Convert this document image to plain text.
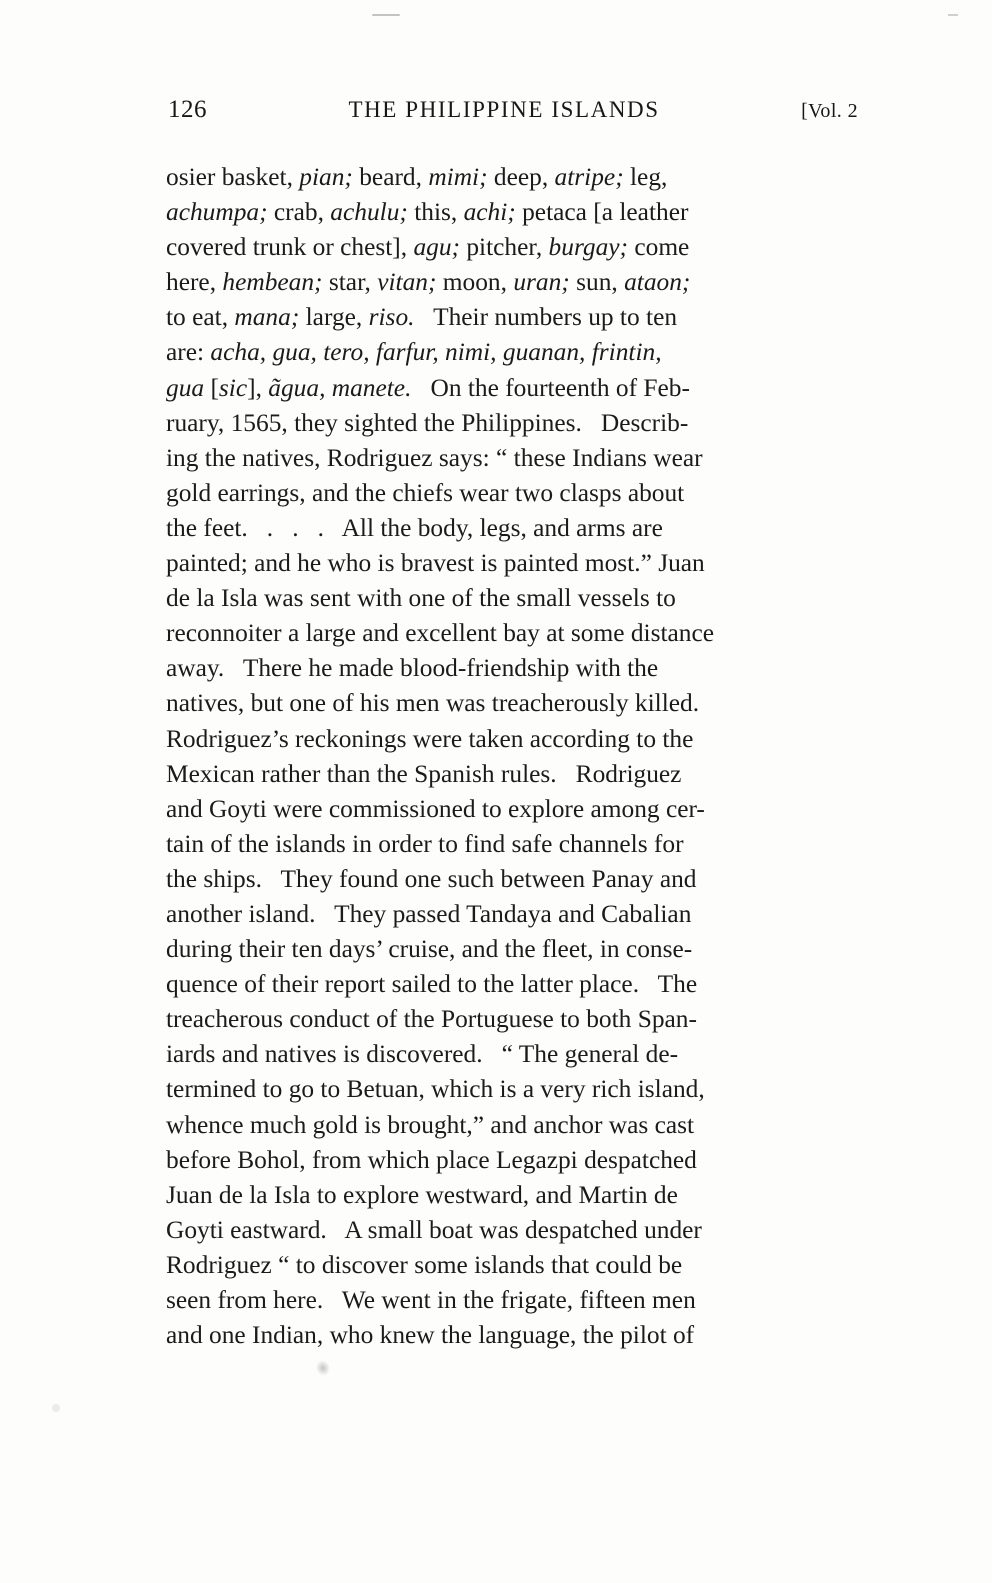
126	THE PHILIPPINE ISLANDS	[Vol. 2
osier basket, pian; beard, mimi; deep, atripe; leg,
achumpa; crab, achulu; this, achi; petaca [a leather
covered trunk or chest], agu; pitcher, burgay; come
here, hembean; star, vitan; moon, uran; sun, ataon;
to eat, mana; large, riso.   Their numbers up to ten
are: acha, gua, tero, farfur, nimi, guanan, frintin,
gua [sic], ãgua, manete.   On the fourteenth of Feb-
ruary, 1565, they sighted the Philippines.   Describ-
ing the natives, Rodriguez says: “ these Indians wear
gold earrings, and the chiefs wear two clasps about
the feet.   .   .   .   All the body, legs, and arms are
painted; and he who is bravest is painted most.” Juan
de la Isla was sent with one of the small vessels to
reconnoiter a large and excellent bay at some distance
away.   There he made blood-friendship with the
natives, but one of his men was treacherously killed.
Rodriguez’s reckonings were taken according to the
Mexican rather than the Spanish rules.   Rodriguez
and Goyti were commissioned to explore among cer-
tain of the islands in order to find safe channels for
the ships.   They found one such between Panay and
another island.   They passed Tandaya and Cabalian
during their ten days’ cruise, and the fleet, in conse-
quence of their report sailed to the latter place.   The
treacherous conduct of the Portuguese to both Span-
iards and natives is discovered.   “ The general de-
termined to go to Betuan, which is a very rich island,
whence much gold is brought,” and anchor was cast
before Bohol, from which place Legazpi despatched
Juan de la Isla to explore westward, and Martin de
Goyti eastward.   A small boat was despatched under
Rodriguez “ to discover some islands that could be
seen from here.   We went in the frigate, fifteen men
and one Indian, who knew the language, the pilot of
